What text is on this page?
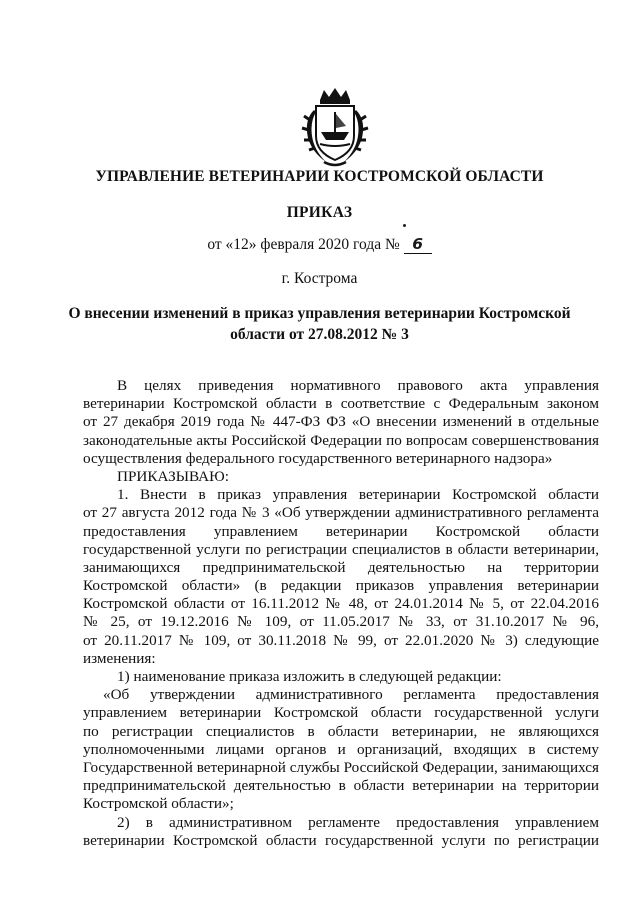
УПРАВЛЕНИЕ ВЕТЕРИНАРИИ КОСТРОМСКОЙ ОБЛАСТИ
ПРИКАЗ
от «12» февраля 2020 года № 6
г. Кострома
О внесении изменений в приказ управления ветеринарии Костромской
области от 27.08.2012 № 3
В целях приведения нормативного правового акта управления
ветеринарии Костромской области в соответствие с Федеральным законом
от 27 декабря 2019 года № 447-ФЗ ФЗ «О внесении изменений в отдельные
законодательные акты Российской Федерации по вопросам совершенствования
осуществления федерального государственного ветеринарного надзора»
ПРИКАЗЫВАЮ:
1. Внести в приказ управления ветеринарии Костромской области
от 27 августа 2012 года № 3 «Об утверждении административного регламента
предоставления управлением ветеринарии Костромской области
государственной услуги по регистрации специалистов в области ветеринарии,
занимающихся предпринимательской деятельностью на территории
Костромской области» (в редакции приказов управления ветеринарии
Костромской области от 16.11.2012 № 48, от 24.01.2014 № 5, от 22.04.2016
№ 25, от 19.12.2016 № 109, от 11.05.2017 № 33, от 31.10.2017 № 96,
от 20.11.2017 № 109, от 30.11.2018 № 99, от 22.01.2020 № 3) следующие
изменения:
1) наименование приказа изложить в следующей редакции:
«Об утверждении административного регламента предоставления
управлением ветеринарии Костромской области государственной услуги
по регистрации специалистов в области ветеринарии, не являющихся
уполномоченными лицами органов и организаций, входящих в систему
Государственной ветеринарной службы Российской Федерации, занимающихся
предпринимательской деятельностью в области ветеринарии на территории
Костромской области»;
2) в административном регламенте предоставления управлением
ветеринарии Костромской области государственной услуги по регистрации
